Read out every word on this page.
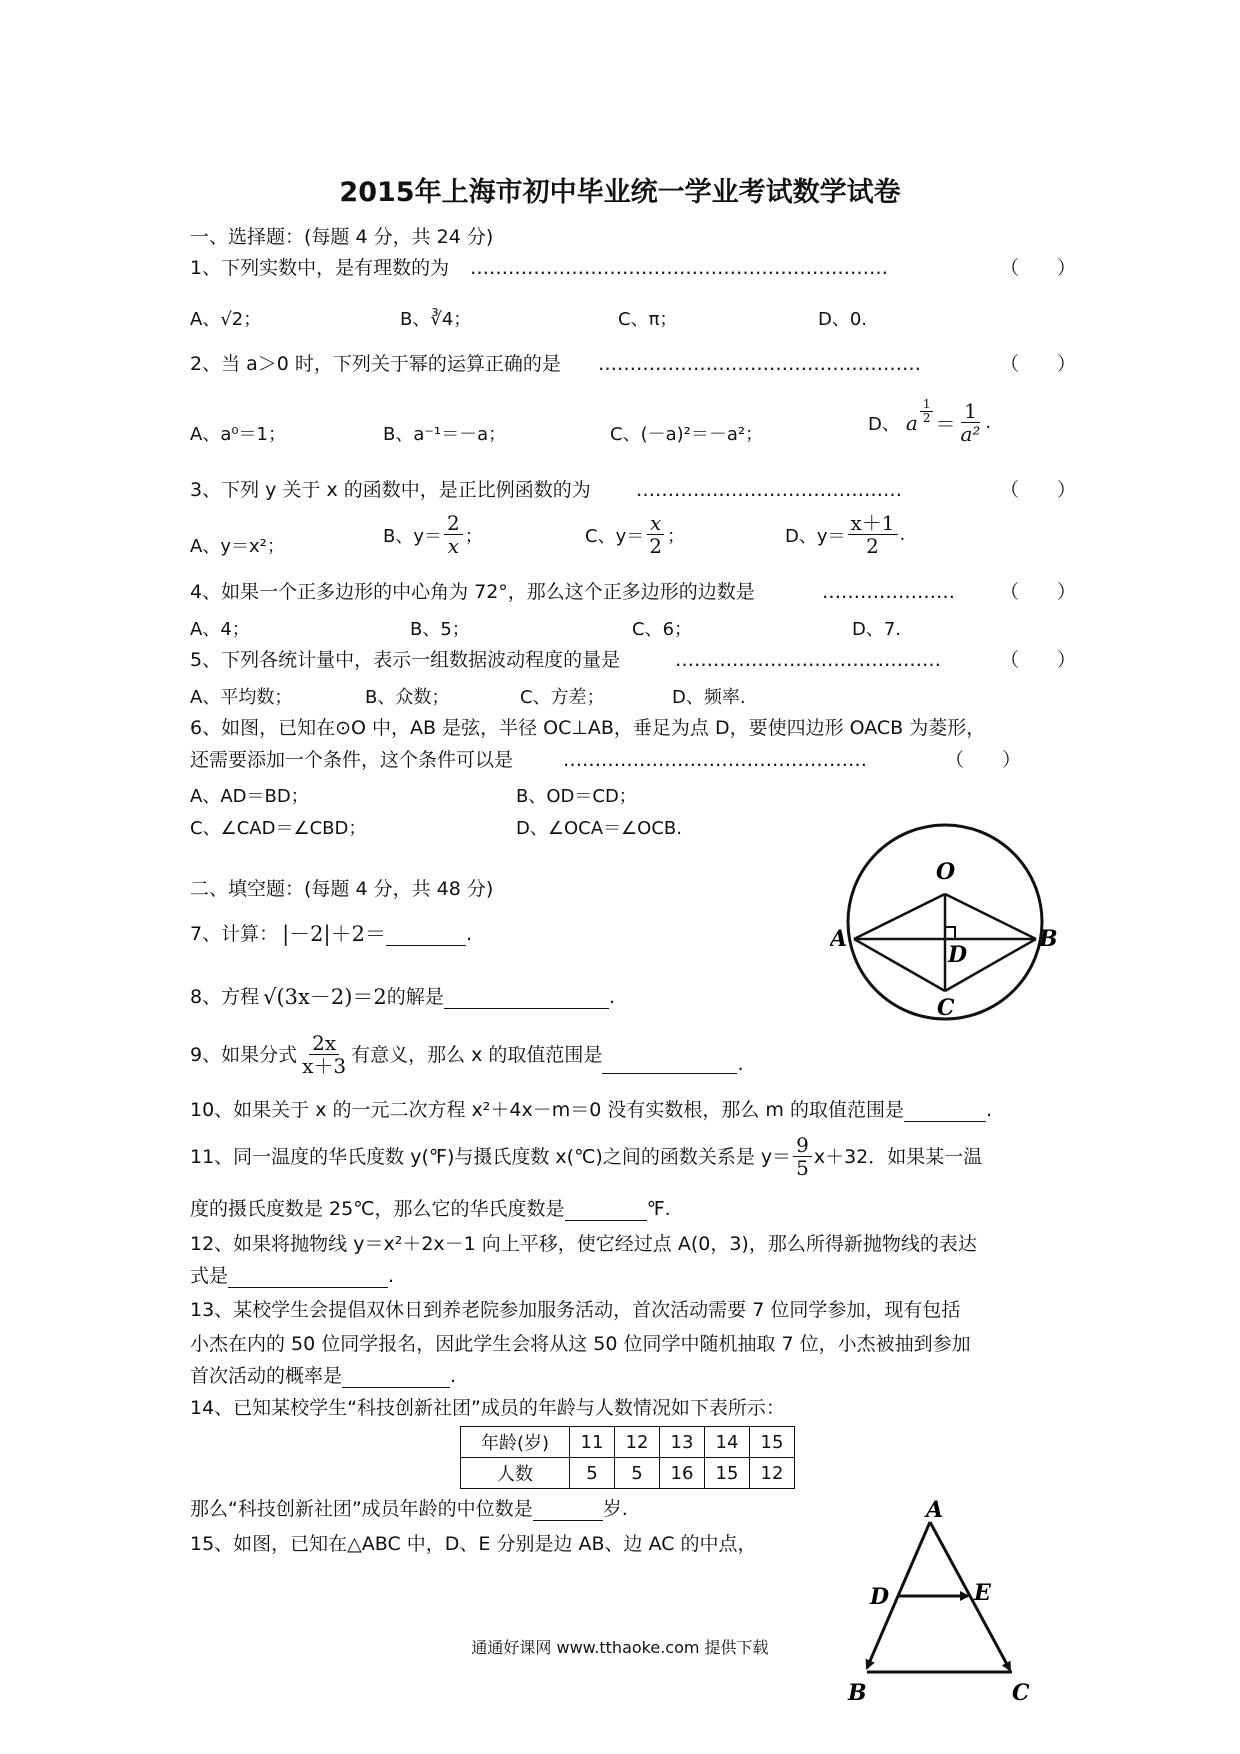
2015年上海市初中毕业统一学业考试数学试卷
一、选择题：(每题 4 分，共 24 分)
1、下列实数中，是有理数的为 …………………………………………………………	（　　）
A、√2；	B、∛4；	C、π；	D、0.
2、当 a＞0 时，下列关于幂的运算正确的是 ……………………………………………	（　　）
A、a⁰＝1；	B、a⁻¹＝－a；	C、(－a)²＝－a²；	D、 a $\frac{1}{2} = \frac{1}{\text{a²}}$ .
3、下列 y 关于 x 的函数中，是正比例函数的为 ……………………………………	（　　）
A、y＝x²；	B、$y= \frac{2}{x}$ ；	C、$y= \frac{x}{2}$ ；	D、$y= \frac{x+1}{2}$ .
4、如果一个正多边形的中心角为 72°，那么这个正多边形的边数是	………………… （　　）
A、4；	B、5；	C、6；	D、7.
5、下列各统计量中，表示一组数据波动程度的量是	……………………………………	（　　）
A、平均数；	B、众数；	C、方差；	D、频率.
6、如图，已知在⊙O 中，AB 是弦，半径 OC⊥AB，垂足为点 D，要使四边形 OACB 为菱形，
还需要添加一个条件，这个条件可以是	…………………………………………	（　　）
A、AD＝BD；	B、OD＝CD；
C、∠CAD＝∠CBD；	D、∠OCA＝∠OCB.
O
A	B
C
D
二、填空题：(每题 4 分，共 48 分)
7、计算： |－2|＋2＝	.
8、方程 √(3x－2)＝2 的解是	.
9、如果分式 $\frac{2x}{x+3}$ 有意义，那么 x 的取值范围是	.
10、如果关于 x 的一元二次方程 x²＋4x－m＝0 没有实数根，那么 m 的取值范围是	.
11、同一温度的华氏度数 y(℉)与摄氏度数 x(℃)之间的函数关系是 $y= \frac{9}{5} x+32$．如果某一温
度的摄氏度数是 25℃，那么它的华氏度数是	℉.
12、如果将抛物线 y＝x²＋2x－1 向上平移，使它经过点 A(0，3)，那么所得新抛物线的表达
式是	.
13、某校学生会提倡双休日到养老院参加服务活动，首次活动需要 7 位同学参加，现有包括
小杰在内的 50 位同学报名，因此学生会将从这 50 位同学中随机抽取 7 位，小杰被抽到参加
首次活动的概率是	.
14、已知某校学生“科技创新社团”成员的年龄与人数情况如下表所示：
年龄(岁)	11	12	13	14	15
人数	5	5	16	15	12
那么“科技创新社团”成员年龄的中位数是	岁.
15、如图，已知在△ABC 中，D、E 分别是边 AB、边 AC 的中点，
A
D	E
B	C
通通好课网 www.tthaoke.com 提供下载
